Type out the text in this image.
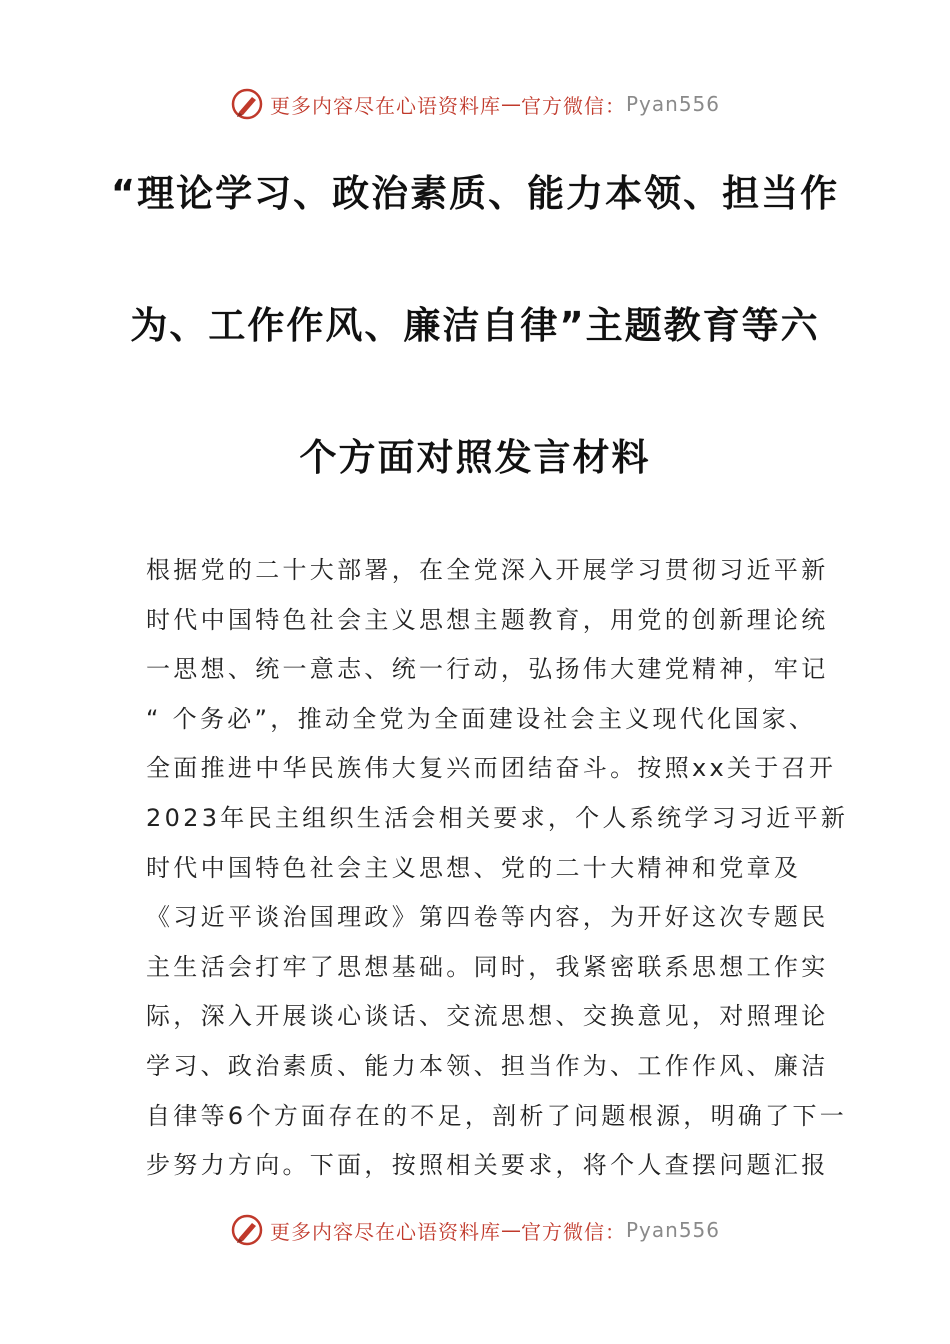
更多内容尽在心语资料库 — 官方微信： Pyan556
“理论学习、政治素质、能力本领、担当作
为、工作作风、廉洁自律”主题教育等六
个方面对照发言材料
根据党的二十大部署，在全党深入开展学习贯彻习近平新
时代中国特色社会主义思想主题教育，用党的创新理论统
一思想、统一意志、统一行动，弘扬伟大建党精神，牢记
“ 个务必”，推动全党为全面建设社会主义现代化国家、
全面推进中华民族伟大复兴而团结奋斗。按照xx关于召开
2023年民主组织生活会相关要求，个人系统学习习近平新
时代中国特色社会主义思想、党的二十大精神和党章及
《习近平谈治国理政》第四卷等内容，为开好这次专题民
主生活会打牢了思想基础。同时，我紧密联系思想工作实
际，深入开展谈心谈话、交流思想、交换意见，对照理论
学习、政治素质、能力本领、担当作为、工作作风、廉洁
自律等6个方面存在的不足，剖析了问题根源，明确了下一
步努力方向。下面，按照相关要求，将个人查摆问题汇报
更多内容尽在心语资料库 — 官方微信： Pyan556
